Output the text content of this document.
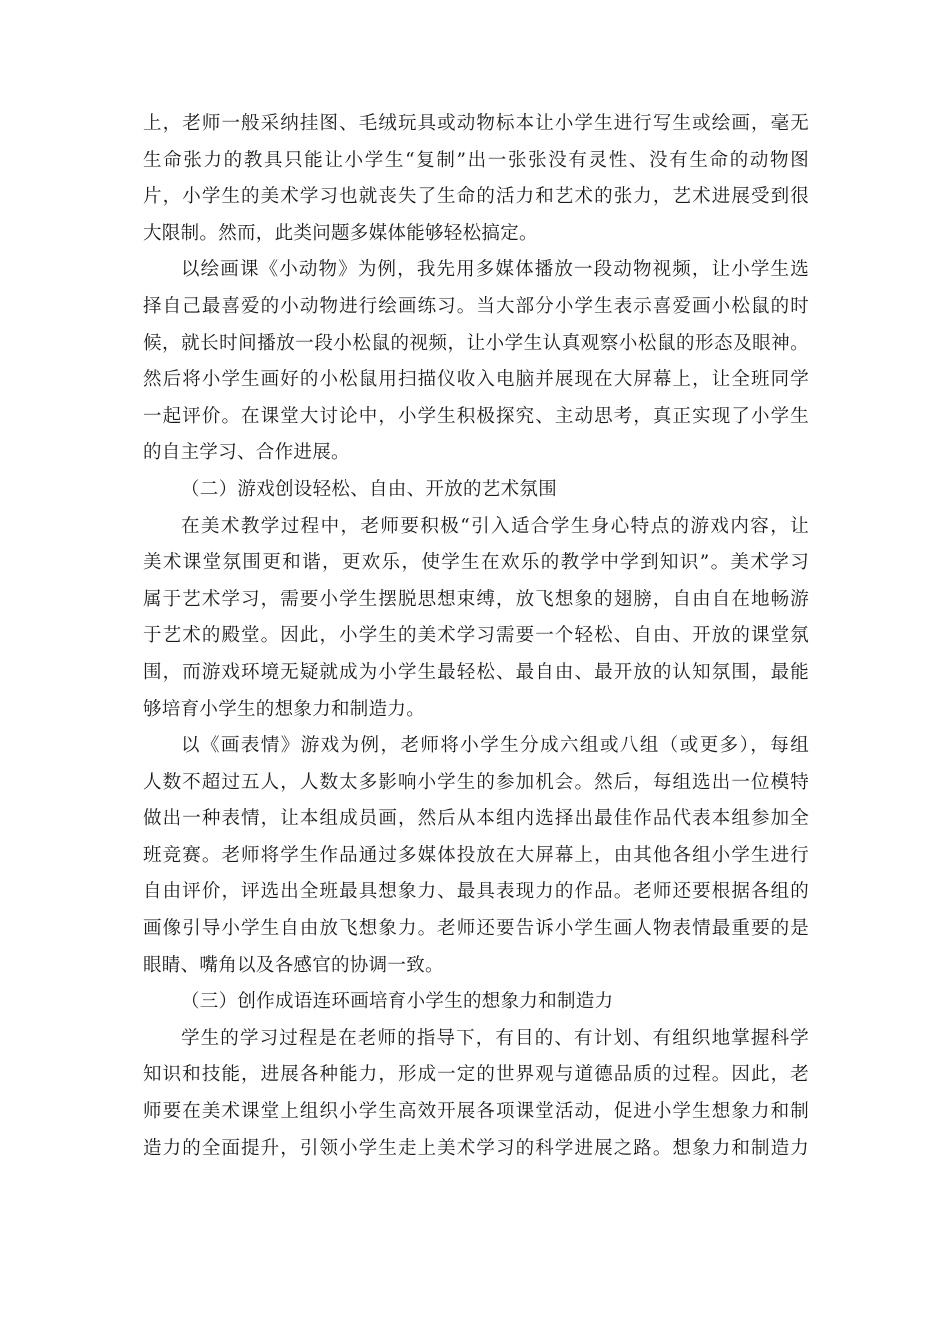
上，老师一般采纳挂图、毛绒玩具或动物标本让小学生进行写生或绘画，毫无
生命张力的教具只能让小学生“复制”出一张张没有灵性、没有生命的动物图
片，小学生的美术学习也就丧失了生命的活力和艺术的张力，艺术进展受到很
大限制。然而，此类问题多媒体能够轻松搞定。
以绘画课《小动物》为例，我先用多媒体播放一段动物视频，让小学生选
择自己最喜爱的小动物进行绘画练习。当大部分小学生表示喜爱画小松鼠的时
候，就长时间播放一段小松鼠的视频，让小学生认真观察小松鼠的形态及眼神。
然后将小学生画好的小松鼠用扫描仪收入电脑并展现在大屏幕上，让全班同学
一起评价。在课堂大讨论中，小学生积极探究、主动思考，真正实现了小学生
的自主学习、合作进展。
（二）游戏创设轻松、自由、开放的艺术氛围
在美术教学过程中，老师要积极“引入适合学生身心特点的游戏内容，让
美术课堂氛围更和谐，更欢乐，使学生在欢乐的教学中学到知识”。美术学习
属于艺术学习，需要小学生摆脱思想束缚，放飞想象的翅膀，自由自在地畅游
于艺术的殿堂。因此，小学生的美术学习需要一个轻松、自由、开放的课堂氛
围，而游戏环境无疑就成为小学生最轻松、最自由、最开放的认知氛围，最能
够培育小学生的想象力和制造力。
以《画表情》游戏为例，老师将小学生分成六组或八组（或更多），每组
人数不超过五人，人数太多影响小学生的参加机会。然后，每组选出一位模特
做出一种表情，让本组成员画，然后从本组内选择出最佳作品代表本组参加全
班竞赛。老师将学生作品通过多媒体投放在大屏幕上，由其他各组小学生进行
自由评价，评选出全班最具想象力、最具表现力的作品。老师还要根据各组的
画像引导小学生自由放飞想象力。老师还要告诉小学生画人物表情最重要的是
眼睛、嘴角以及各感官的协调一致。
（三）创作成语连环画培育小学生的想象力和制造力
学生的学习过程是在老师的指导下，有目的、有计划、有组织地掌握科学
知识和技能，进展各种能力，形成一定的世界观与道德品质的过程。因此，老
师要在美术课堂上组织小学生高效开展各项课堂活动，促进小学生想象力和制
造力的全面提升，引领小学生走上美术学习的科学进展之路。想象力和制造力
